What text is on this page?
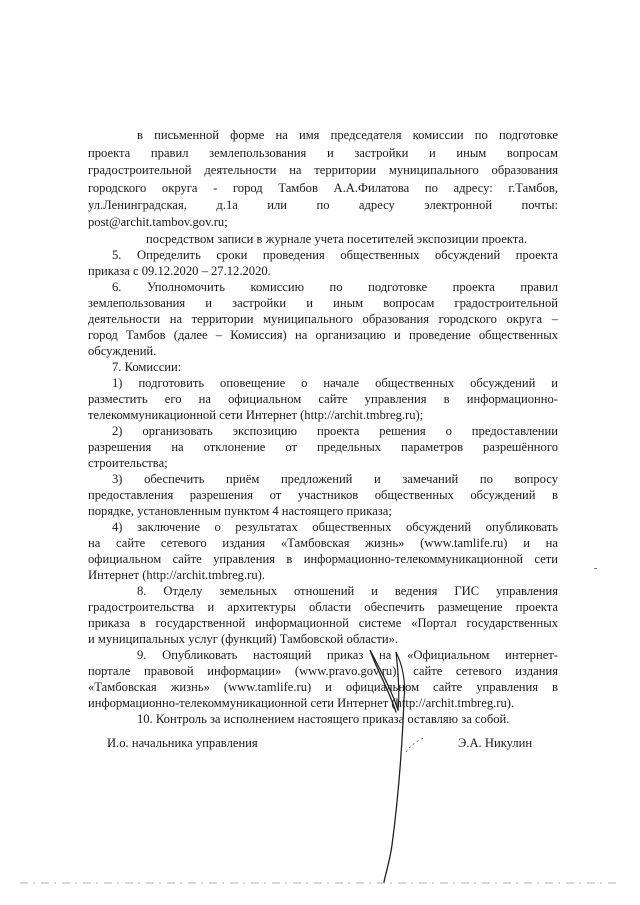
в письменной форме на имя председателя комиссии по подготовке
проекта правил землепользования и застройки и иным вопросам
градостроительной деятельности на территории муниципального образования
городского округа - город Тамбов А.А.Филатова по адресу: г.Тамбов,
ул.Ленинградская, д.1а или по адресу электронной почты:
post@archit.tambov.gov.ru;
посредством записи в журнале учета посетителей экспозиции проекта.
5. Определить сроки проведения общественных обсуждений проекта
приказа с 09.12.2020 – 27.12.2020.
6. Уполномочить комиссию по подготовке проекта правил
землепользования и застройки и иным вопросам градостроительной
деятельности на территории муниципального образования городского округа –
город Тамбов (далее – Комиссия) на организацию и проведение общественных
обсуждений.
7. Комиссии:
1) подготовить оповещение о начале общественных обсуждений и
разместить его на официальном сайте управления в информационно-
телекоммуникационной сети Интернет (http://archit.tmbreg.ru);
2) организовать экспозицию проекта решения о предоставлении
разрешения на отклонение от предельных параметров разрешённого
строительства;
3) обеспечить приём предложений и замечаний по вопросу
предоставления разрешения от участников общественных обсуждений в
порядке, установленным пунктом 4 настоящего приказа;
4) заключение о результатах общественных обсуждений опубликовать
на сайте сетевого издания «Тамбовская жизнь» (www.tamlife.ru) и на
официальном сайте управления в информационно-телекоммуникационной сети
Интернет (http://archit.tmbreg.ru).
8. Отделу земельных отношений и ведения ГИС управления
градостроительства и архитектуры области обеспечить размещение проекта
приказа в государственной информационной системе «Портал государственных
и муниципальных услуг (функций) Тамбовской области».
9. Опубликовать настоящий приказ на «Официальном интернет-
портале правовой информации» (www.pravo.gov.ru), сайте сетевого издания
«Тамбовская жизнь» (www.tamlife.ru) и официальном сайте управления в
информационно-телекоммуникационной сети Интернет (http://archit.tmbreg.ru).
10. Контроль за исполнением настоящего приказа оставляю за собой.
-
И.о. начальника управления	Э.А. Никулин
